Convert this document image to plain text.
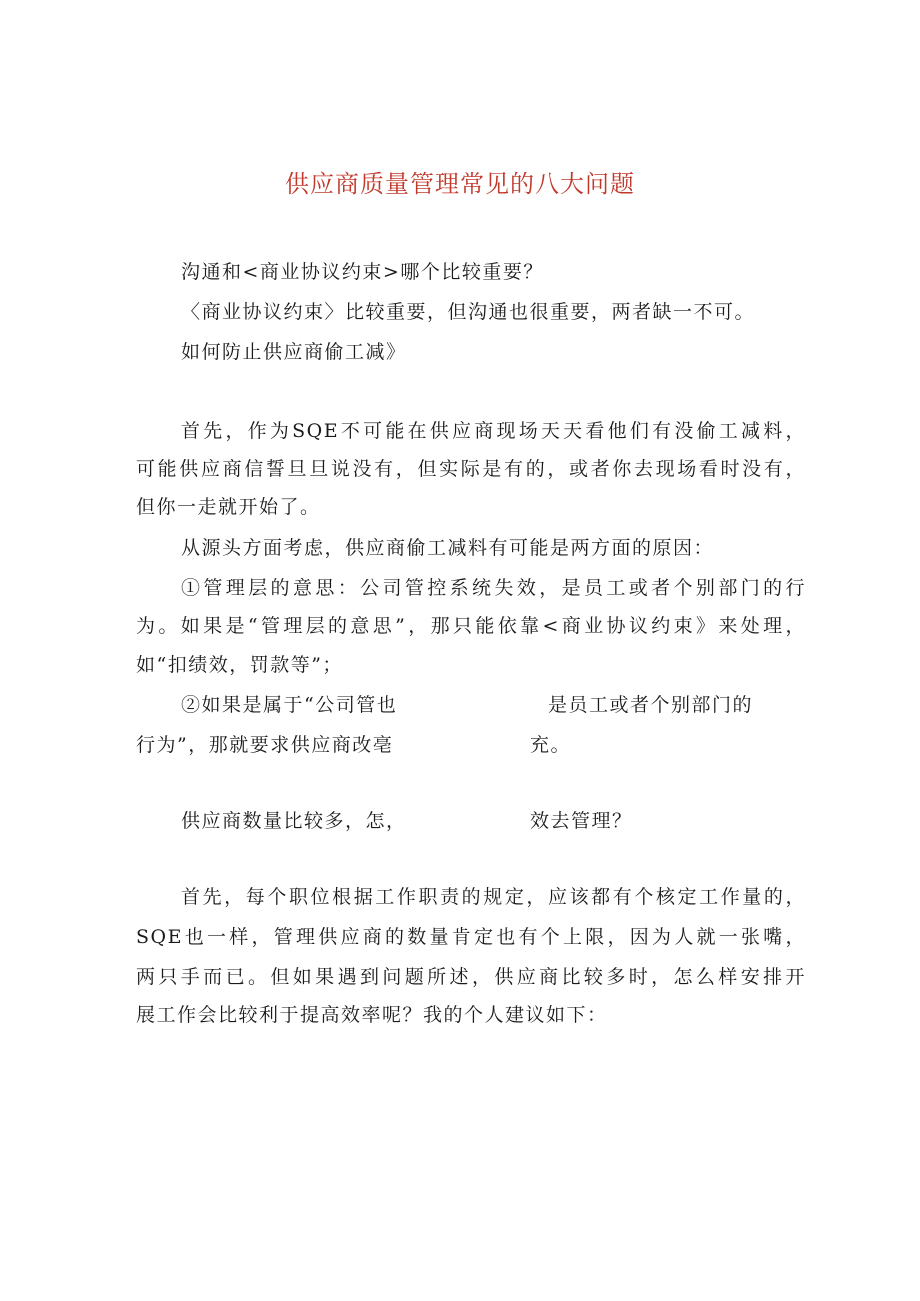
供应商质量管理常见的八大问题
沟通和<商业协议约束>哪个比较重要？
〈商业协议约束〉比较重要，但沟通也很重要，两者缺一不可。
如何防止供应商偷工减》
首先，作为SQE不可能在供应商现场天天看他们有没偷工减料，
可能供应商信誓旦旦说没有，但实际是有的，或者你去现场看时没有，
但你一走就开始了。
从源头方面考虑，供应商偷工减料有可能是两方面的原因：
①管理层的意思：公司管控系统失效，是员工或者个别部门的行
为。如果是“管理层的意思”，那只能依靠<商业协议约束》来处理，
如“扣绩效，罚款等”；
②如果是属于“公司管也	是员工或者个别部门的
行为”，那就要求供应商改亳	充。
供应商数量比较多，怎，	效去管理？
首先，每个职位根据工作职责的规定，应该都有个核定工作量的，
SQE也一样，管理供应商的数量肯定也有个上限，因为人就一张嘴，
两只手而已。但如果遇到问题所述，供应商比较多时，怎么样安排开
展工作会比较利于提高效率呢？我的个人建议如下：
